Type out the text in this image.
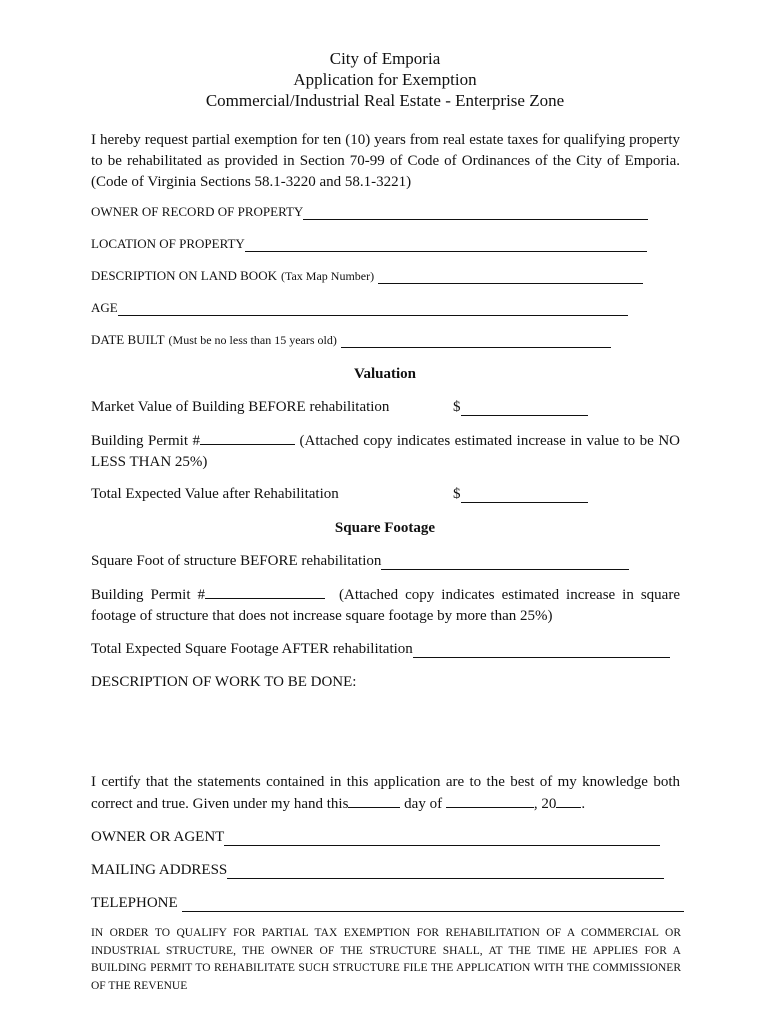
City of Emporia
Application for Exemption
Commercial/Industrial Real Estate - Enterprise Zone
I hereby request partial exemption for ten (10) years from real estate taxes for qualifying property to be rehabilitated as provided in Section 70-99 of Code of Ordinances of the City of Emporia. (Code of Virginia Sections 58.1-3220 and 58.1-3221)
OWNER OF RECORD OF PROPERTY
LOCATION OF PROPERTY
DESCRIPTION ON LAND BOOK (Tax Map Number)
AGE
DATE BUILT (Must be no less than 15 years old)
Valuation
Market Value of Building BEFORE rehabilitation	$
Building Permit #	(Attached copy indicates estimated increase in value to be NO LESS THAN 25%)
Total Expected Value after Rehabilitation	$
Square Footage
Square Foot of structure BEFORE rehabilitation
Building Permit #	(Attached copy indicates estimated increase in square footage of structure that does not increase square footage by more than 25%)
Total Expected Square Footage AFTER rehabilitation
DESCRIPTION OF WORK TO BE DONE:
I certify that the statements contained in this application are to the best of my knowledge both correct and true. Given under my hand this	day of	, 20 .
OWNER OR AGENT
MAILING ADDRESS
TELEPHONE
IN ORDER TO QUALIFY FOR PARTIAL TAX EXEMPTION FOR REHABILITATION OF A COMMERCIAL OR INDUSTRIAL STRUCTURE, THE OWNER OF THE STRUCTURE SHALL, AT THE TIME HE APPLIES FOR A BUILDING PERMIT TO REHABILITATE SUCH STRUCTURE FILE THE APPLICATION WITH THE COMMISSIONER OF THE REVENUE
